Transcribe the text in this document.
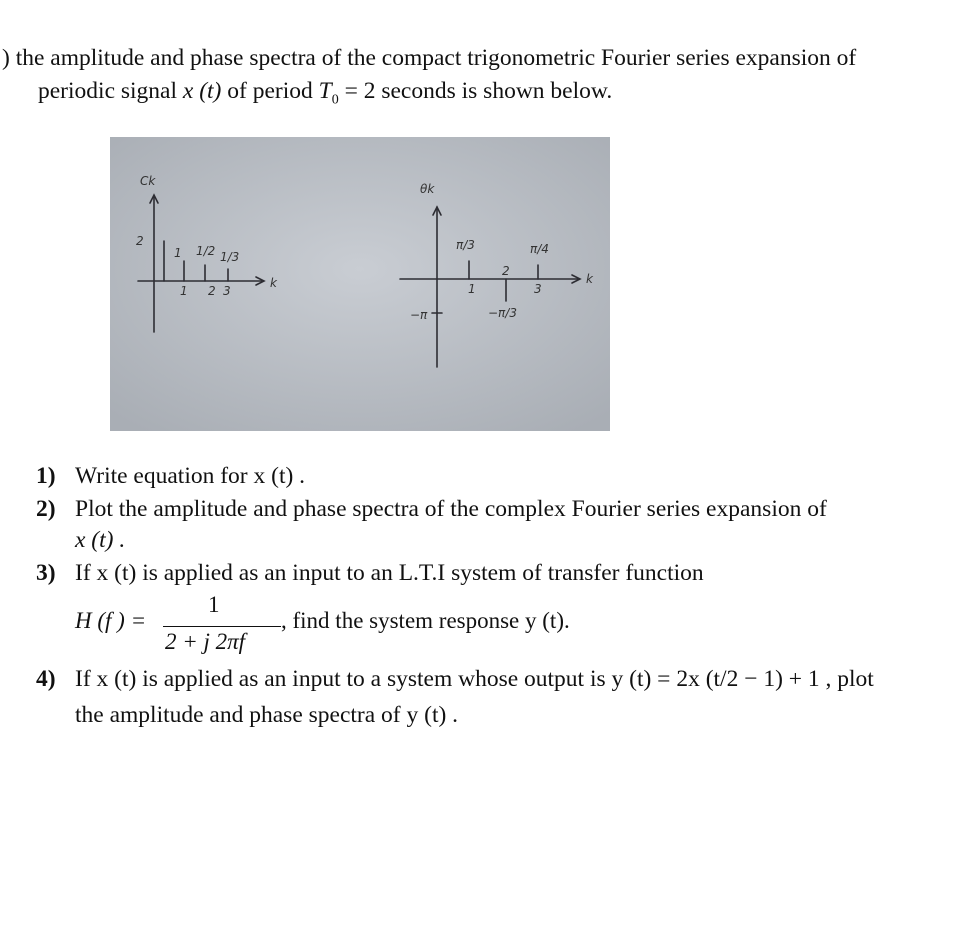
) the amplitude and phase spectra of the compact trigonometric Fourier series expansion of
periodic signal x (t) of period $T_0 = 2$ seconds is shown below.
Ck
k
2
1 2 3
1 1/2 1/3
θk
k
−π
1
2
3
π/3	π/4
−π/3
1) Write equation for x (t) .
2) Plot the amplitude and phase spectra of the complex Fourier series expansion of
x (t) .
3) If x (t) is applied as an input to an L.T.I system of transfer function
H (f ) =
1
2 + j 2πf
, find the system response y (t).
4) If x (t) is applied as an input to a system whose output is y (t) = 2x (t/2 − 1) + 1 , plot
the amplitude and phase spectra of y (t) .
